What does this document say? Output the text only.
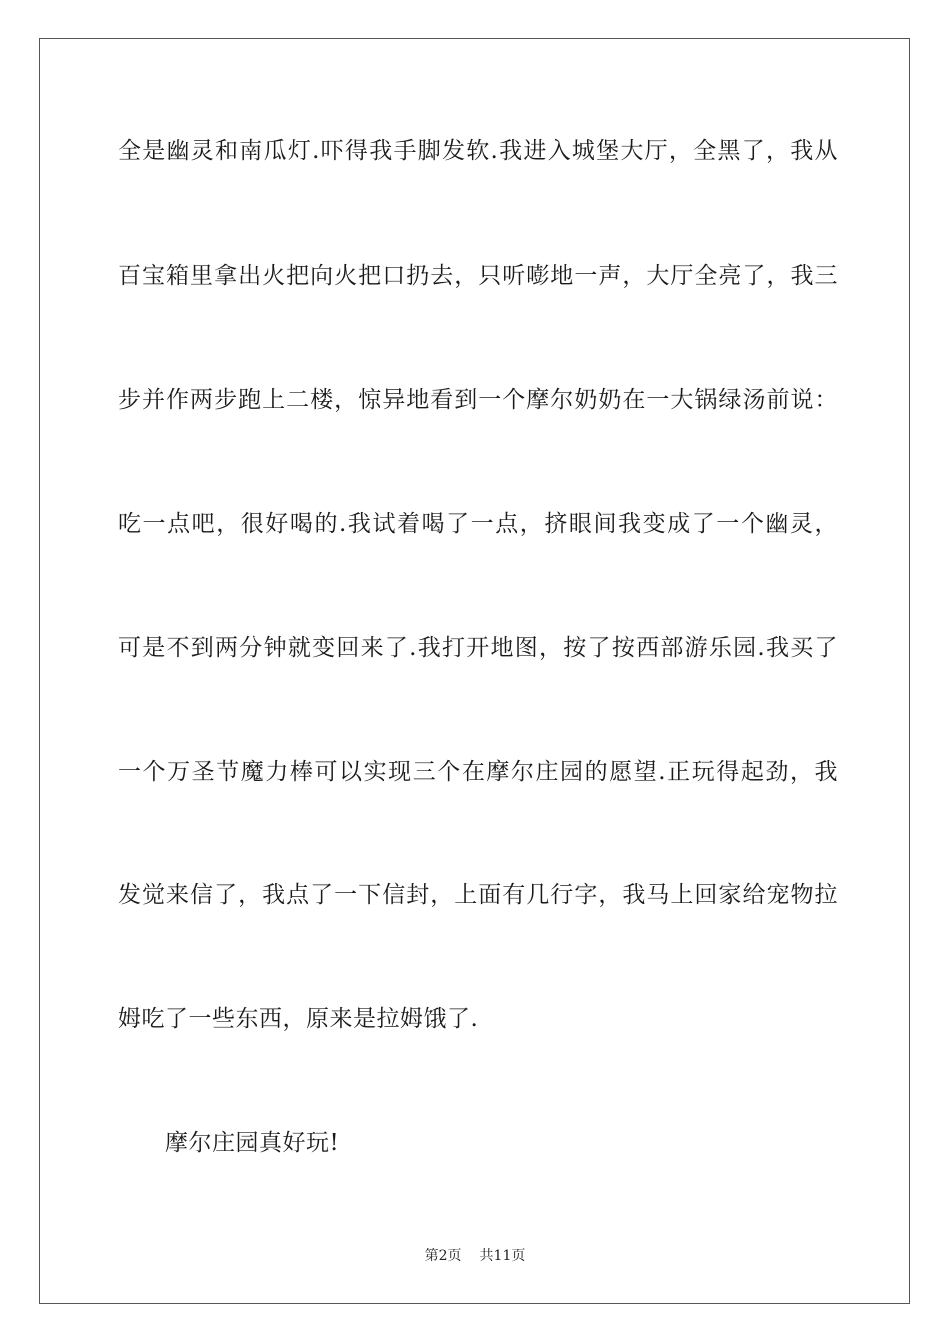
全是幽灵和南瓜灯.吓得我手脚发软.我进入城堡大厅，全黑了，我从
百宝箱里拿出火把向火把口扔去，只听嘭地一声，大厅全亮了，我三
步并作两步跑上二楼，惊异地看到一个摩尔奶奶在一大锅绿汤前说：
吃一点吧，很好喝的.我试着喝了一点，挤眼间我变成了一个幽灵，
可是不到两分钟就变回来了.我打开地图，按了按西部游乐园.我买了
一个万圣节魔力棒可以实现三个在摩尔庄园的愿望.正玩得起劲，我
发觉来信了，我点了一下信封，上面有几行字，我马上回家给宠物拉
姆吃了一些东西，原来是拉姆饿了.
摩尔庄园真好玩!
第2页 共11页
